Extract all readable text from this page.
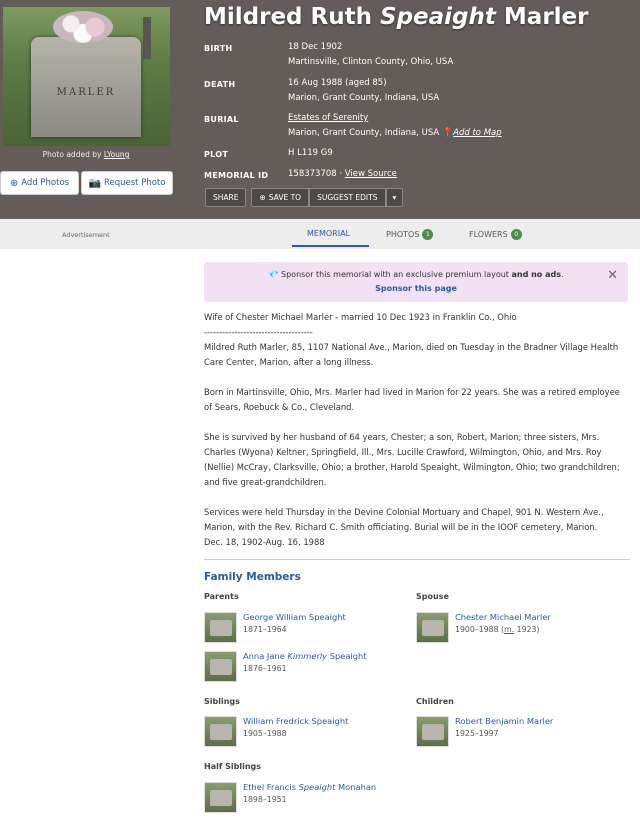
MARLER
Photo added by LYoung
⊕ Add Photos 📷 Request Photo
Mildred Ruth Speaight Marler
BIRTH	18 Dec 1902
Martinsville, Clinton County, Ohio, USA
DEATH	16 Aug 1988 (aged 85)
Marion, Grant County, Indiana, USA
BURIAL	Estates of Serenity
Marion, Grant County, Indiana, USA 📍Add to Map
PLOT	H L119 G9
MEMORIAL ID 158373708 · View Source
SHARE	⊕ SAVE TO	SUGGEST EDITS	▾
Advertisement	MEMORIAL	PHOTOS	1	FLOWERS	0
💎 Sponsor this memorial with an exclusive premium layout and no ads.
Sponsor this page
✕
Wife of Chester Michael Marler - married 10 Dec 1923 in Franklin Co., Ohio
------------------------------------
Mildred Ruth Marler, 85, 1107 National Ave., Marion, died on Tuesday in the Bradner Village Health Care Center, Marion, after a long illness.
Born in Martinsville, Ohio, Mrs. Marler had lived in Marion for 22 years. She was a retired employee of Sears, Roebuck & Co., Cleveland.
She is survived by her husband of 64 years, Chester; a son, Robert, Marion; three sisters, Mrs. Charles (Wyona) Keltner, Springfield, Ill., Mrs. Lucille Crawford, Wilmington, Ohio, and Mrs. Roy (Nellie) McCray, Clarksville, Ohio; a brother, Harold Speaight, Wilmington, Ohio; two grandchildren; and five great-grandchildren.
Services were held Thursday in the Devine Colonial Mortuary and Chapel, 901 N. Western Ave., Marion, with the Rev. Richard C. Smith officiating. Burial will be in the IOOF cemetery, Marion.
Dec. 18, 1902-Aug. 16, 1988
Family Members
Parents	Spouse
George William Speaight
1871–1964
Chester Michael Marler
1900–1988 (m. 1923)
Anna Jane Kimmerly Speaight
1876–1961
Siblings	Children
William Fredrick Speaight
1905–1988
Robert Benjamin Marler
1925–1997
Half Siblings
Ethel Francis Speaight Monahan
1898–1951
